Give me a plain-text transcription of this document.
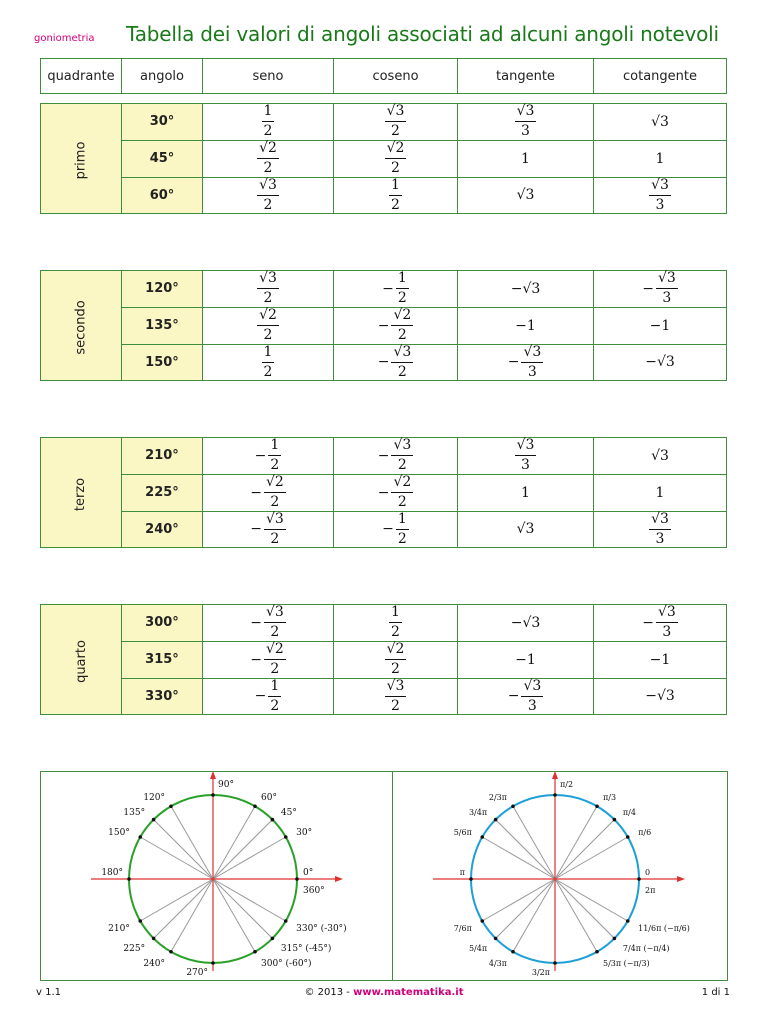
goniometria Tabella dei valori di angoli associati ad alcuni angoli notevoli
quadrante	angolo	seno	coseno	tangente	cotangente
primo	30°	$\frac{1}{2}$	$\frac{√3}{2}$	$\frac{√3}{3}$	√3
	45°	$\frac{√2}{2}$	$\frac{√2}{2}$	1	1
	60°	$\frac{√3}{2}$	$\frac{1}{2}$	√3	$\frac{√3}{3}$
secondo	120°	$\frac{√3}{2}$	− $\frac{1}{2}$	−√3	− $\frac{√3}{3}$

	135°	$\frac{√2}{2}$	− $\frac{√2}{2}$	−1	−1
	150°	$\frac{1}{2}$	− $\frac{√3}{2}$	− $\frac{√3}{3}$	−√3
terzo	210°	− $\frac{1}{2}$	− $\frac{√3}{2}$	$\frac{√3}{3}$	√3
	225°	− $\frac{√2}{2}$	− $\frac{√2}{2}$	1	1
	240°	− $\frac{√3}{2}$	− $\frac{1}{2}$	√3	$\frac{√3}{3}$
quarto	300°	− $\frac{√3}{2}$	$\frac{1}{2}$	−√3	− $\frac{√3}{3}$

	315°	− $\frac{√2}{2}$	$\frac{√2}{2}$	−1	−1
	330°	− $\frac{1}{2}$	$\frac{√3}{2}$	− $\frac{√3}{3}$	−√3
0°
30°
45°
60°
90°
120°
135°
150°
180°
210°
225°
240°
270°
300° (-60°)
315° (-45°)
330° (-30°)
360°
0
π/6
π/4
π/3
π/2
2/3π
3/4π
5/6π
π
7/6π
5/4π
4/3π
3/2π
5/3π (−π/3)
7/4π (−π/4)
11/6π (−π/6)
2π
v 1.1	© 2013 - www.matematika.it	1 di 1
